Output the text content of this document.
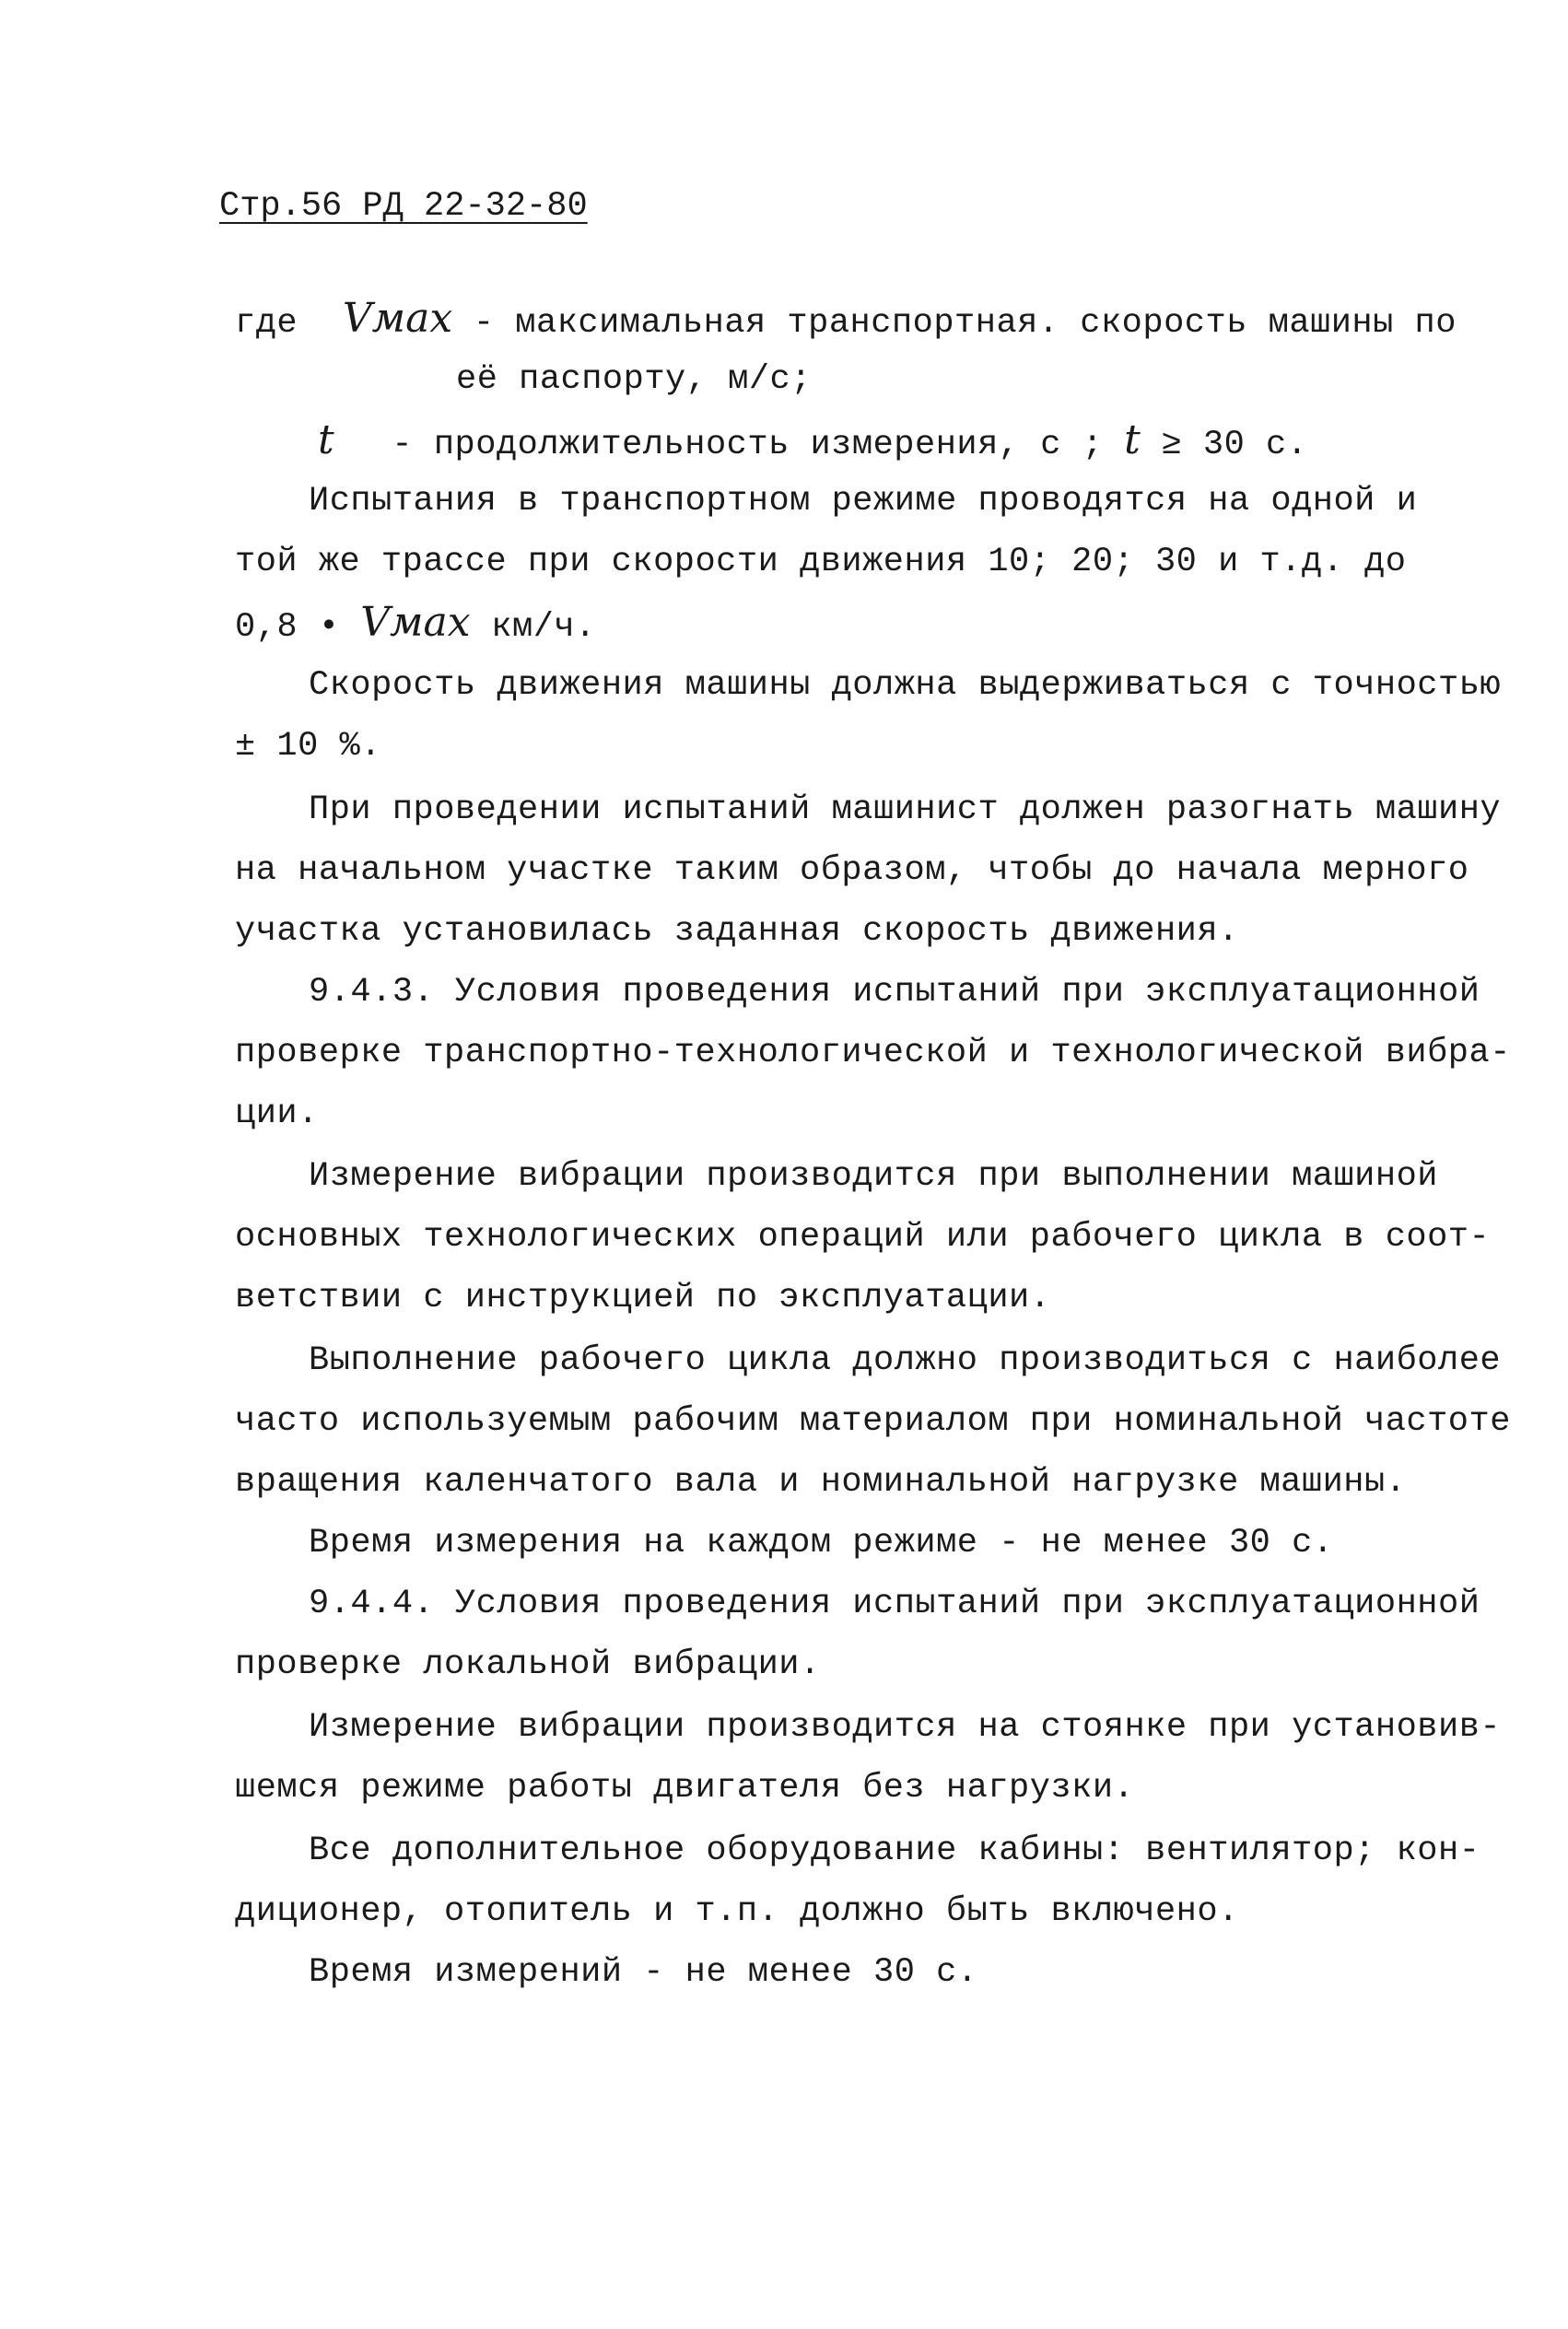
Стр.56 РД 22-32-80
где Vмах - максимальная транспортная. скорость машины по
её паспорту, м/с;
t - продолжительность измерения, с ; t ≥ 30 с.
Испытания в транспортном режиме проводятся на одной и
той же трассе при скорости движения 10; 20; 30 и т.д. до
0,8 • Vмах км/ч.
Скорость движения машины должна выдерживаться с точностью
± 10 %.
При проведении испытаний машинист должен разогнать машину
на начальном участке таким образом, чтобы до начала мерного
участка установилась заданная скорость движения.
9.4.3. Условия проведения испытаний при эксплуатационной
проверке транспортно-технологической и технологической вибра-
ции.
Измерение вибрации производится при выполнении машиной
основных технологических операций или рабочего цикла в соот-
ветствии с инструкцией по эксплуатации.
Выполнение рабочего цикла должно производиться с наиболее
часто используемым рабочим материалом при номинальной частоте
вращения каленчатого вала и номинальной нагрузке машины.
Время измерения на каждом режиме - не менее 30 с.
9.4.4. Условия проведения испытаний при эксплуатационной
проверке локальной вибрации.
Измерение вибрации производится на стоянке при установив-
шемся режиме работы двигателя без нагрузки.
Все дополнительное оборудование кабины: вентилятор; кон-
диционер, отопитель и т.п. должно быть включено.
Время измерений - не менее 30 с.
